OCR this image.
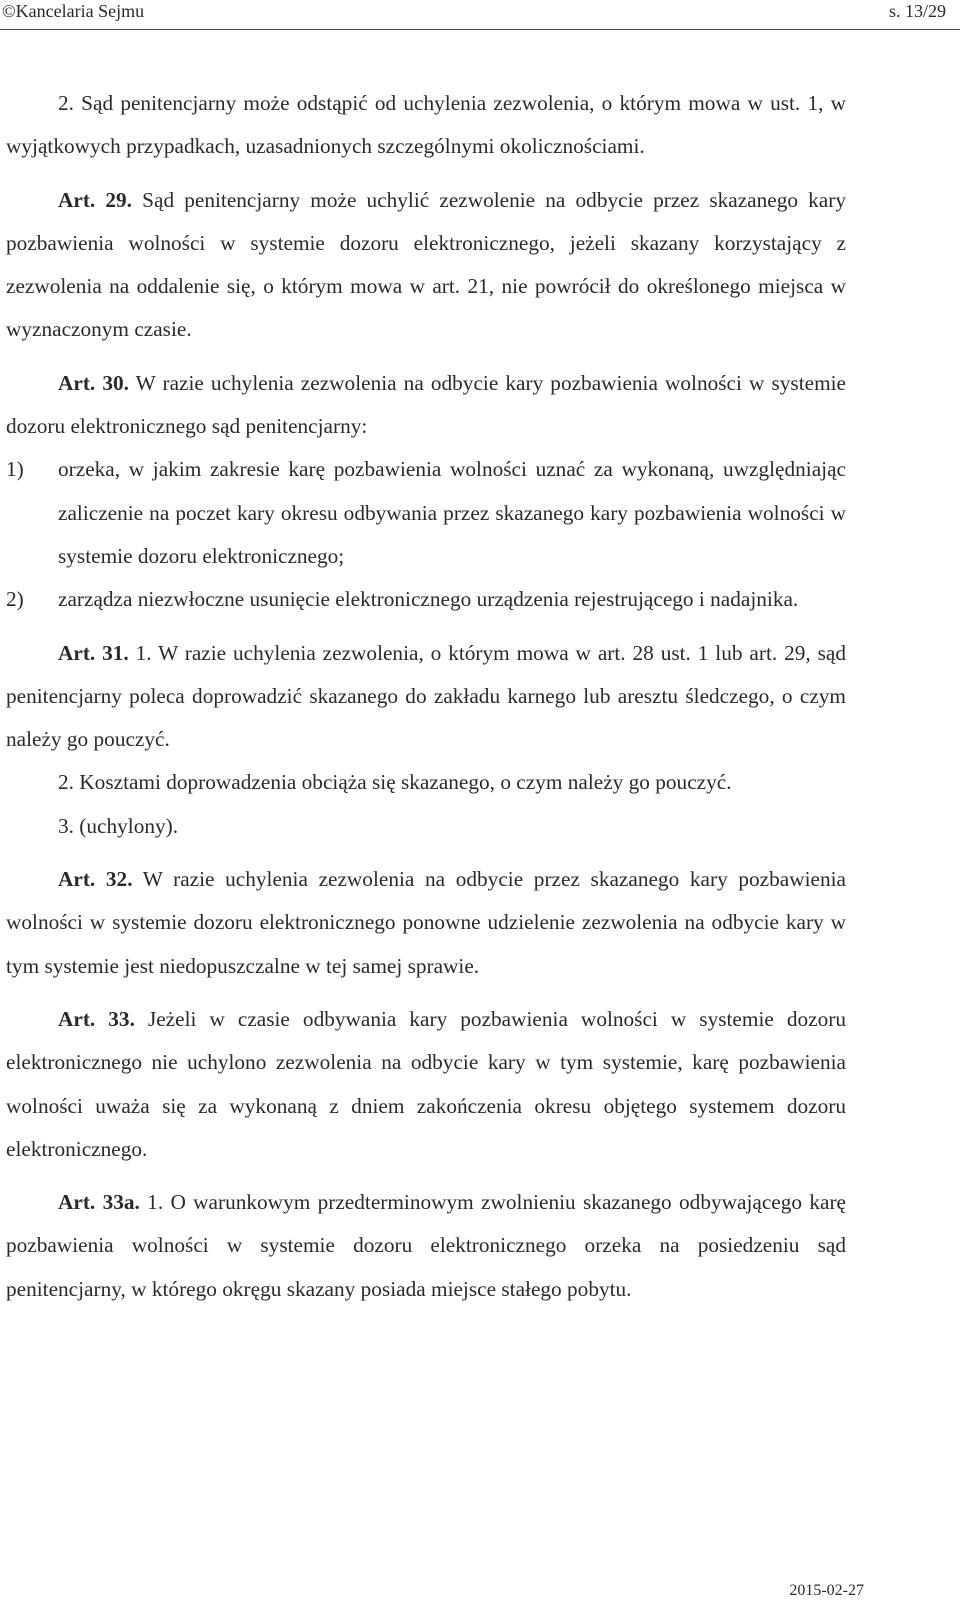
©Kancelaria Sejmu	s. 13/29

2. Sąd penitencjarny może odstąpić od uchylenia zezwolenia, o którym mowa w ust. 1, w wyjątkowych przypadkach, uzasadnionych szczególnymi okolicznościami.

Art. 29. Sąd penitencjarny może uchylić zezwolenie na odbycie przez skazanego kary pozbawienia wolności w systemie dozoru elektronicznego, jeżeli skazany korzystający z zezwolenia na oddalenie się, o którym mowa w art. 21, nie powrócił do określonego miejsca w wyznaczonym czasie.

Art. 30. W razie uchylenia zezwolenia na odbycie kary pozbawienia wolności w systemie dozoru elektronicznego sąd penitencjarny:

1)	orzeka, w jakim zakresie karę pozbawienia wolności uznać za wykonaną, uwzględniając zaliczenie na poczet kary okresu odbywania przez skazanego kary pozbawienia wolności w systemie dozoru elektronicznego;
2)	zarządza niezwłoczne usunięcie elektronicznego urządzenia rejestrującego i nadajnika.

Art. 31. 1. W razie uchylenia zezwolenia, o którym mowa w art. 28 ust. 1 lub art. 29, sąd penitencjarny poleca doprowadzić skazanego do zakładu karnego lub aresztu śledczego, o czym należy go pouczyć.

2. Kosztami doprowadzenia obciąża się skazanego, o czym należy go pouczyć.

3. (uchylony).

Art. 32. W razie uchylenia zezwolenia na odbycie przez skazanego kary pozbawienia wolności w systemie dozoru elektronicznego ponowne udzielenie zezwolenia na odbycie kary w tym systemie jest niedopuszczalne w tej samej sprawie.

Art. 33. Jeżeli w czasie odbywania kary pozbawienia wolności w systemie dozoru elektronicznego nie uchylono zezwolenia na odbycie kary w tym systemie, karę pozbawienia wolności uważa się za wykonaną z dniem zakończenia okresu objętego systemem dozoru elektronicznego.

Art. 33a. 1. O warunkowym przedterminowym zwolnieniu skazanego odbywającego karę pozbawienia wolności w systemie dozoru elektronicznego orzeka na posiedzeniu sąd penitencjarny, w którego okręgu skazany posiada miejsce stałego pobytu.

2015-02-27
